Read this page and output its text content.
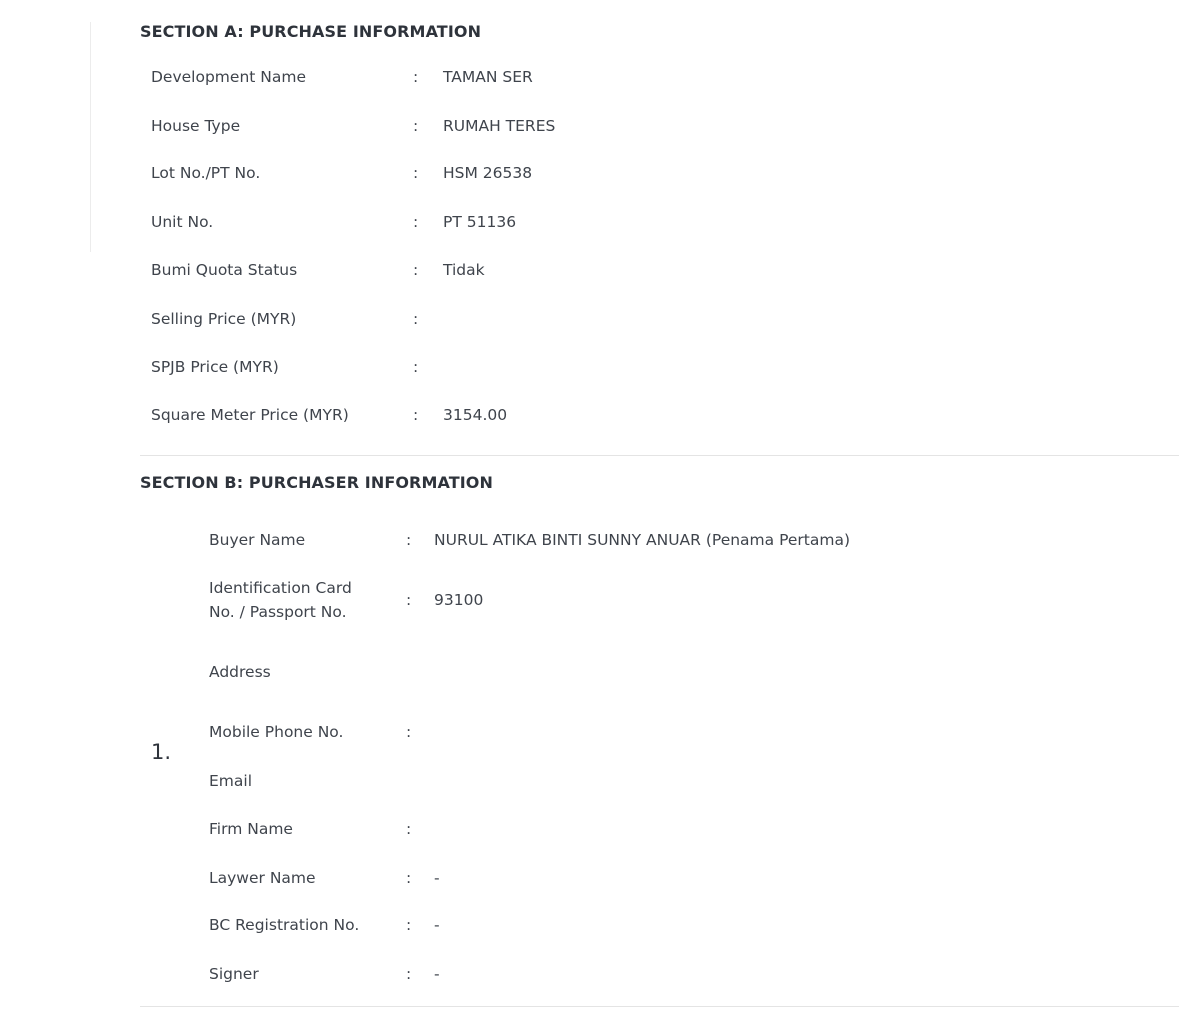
SECTION A: PURCHASE INFORMATION
Development Name	: TAMAN SER
House Type	: RUMAH TERES
Lot No./PT No.	: HSM 26538
Unit No.	: PT 51136
Bumi Quota Status	: Tidak
Selling Price (MYR)	:
SPJB Price (MYR)	:
Square Meter Price (MYR)	: 3154.00
SECTION B: PURCHASER INFORMATION
1.
Buyer Name	: NURUL ATIKA BINTI SUNNY ANUAR (Penama Pertama)
Identification Card
No. / Passport No.
: 93100
Address
Mobile Phone No.	:
Email
Firm Name	:
Laywer Name	: -
BC Registration No.	: -
Signer	: -
